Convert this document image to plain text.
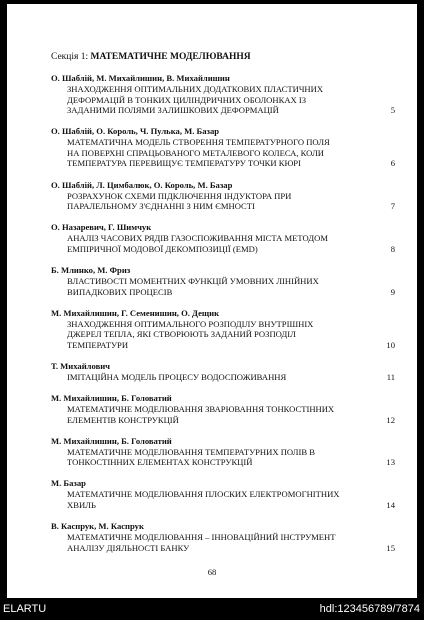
Секція 1: МАТЕМАТИЧНЕ МОДЕЛЮВАННЯ
О. Шаблій, М. Михайлишин, В. Михайлишин
ЗНАХОДЖЕННЯ ОПТИМАЛЬНИХ ДОДАТКОВИХ ПЛАСТИЧНИХ ДЕФОРМАЦІЙ В ТОНКИХ ЦИЛІНДРИЧНИХ ОБОЛОНКАХ ІЗ ЗАДАНИМИ ПОЛЯМИ ЗАЛИШКОВИХ ДЕФОРМАЦІЙ	5
О. Шаблій, О. Король, Ч. Пулька, М. Базар
МАТЕМАТИЧНА МОДЕЛЬ СТВОРЕННЯ ТЕМПЕРАТУРНОГО ПОЛЯ НА ПОВЕРХНІ СПРАЦЬОВАНОГО МЕТАЛЕВОГО КОЛЕСА, КОЛИ ТЕМПЕРАТУРА ПЕРЕВИЩУЄ ТЕМПЕРАТУРУ ТОЧКИ КЮРІ	6
О. Шаблій, Л. Цимбалюк, О. Король, М. Базар
РОЗРАХУНОК СХЕМИ ПІДКЛЮЧЕННЯ ІНДУКТОРА ПРИ ПАРАЛЕЛЬНОМУ З'ЄДНАННІ З НИМ ЄМНОСТІ	7
О. Назаревич, Г. Шимчук
АНАЛІЗ ЧАСОВИХ РЯДІВ ГАЗОСПОЖИВАННЯ МІСТА МЕТОДОМ ЕМПІРИЧНОЇ МОДОВОЇ ДЕКОМПОЗИЦІЇ (EMD)	8
Б. Млинко, М. Фриз
ВЛАСТИВОСТІ МОМЕНТНИХ ФУНКЦІЙ УМОВНИХ ЛІНІЙНИХ ВИПАДКОВИХ ПРОЦЕСІВ	9
М. Михайлишин, Г. Семенишин, О. Дещик
ЗНАХОДЖЕННЯ ОПТИМАЛЬНОГО РОЗПОДІЛУ ВНУТРІШНІХ ДЖЕРЕЛ ТЕПЛА, ЯКІ СТВОРЮЮТЬ ЗАДАНИЙ РОЗПОДІЛ ТЕМПЕРАТУРИ	10
Т. Михайлович
ІМІТАЦІЙНА МОДЕЛЬ ПРОЦЕСУ ВОДОСПОЖИВАННЯ	11
М. Михайлишин, Б. Головатий
МАТЕМАТИЧНЕ МОДЕЛЮВАННЯ ЗВАРЮВАННЯ ТОНКОСТІННИХ ЕЛЕМЕНТІВ КОНСТРУКЦІЙ	12
М. Михайлишин, Б. Головатий
МАТЕМАТИЧНЕ МОДЕЛЮВАННЯ ТЕМПЕРАТУРНИХ ПОЛІВ В ТОНКОСТІННИХ ЕЛЕМЕНТАХ КОНСТРУКЦІЙ	13
М. Базар
МАТЕМАТИЧНЕ МОДЕЛЮВАННЯ ПЛОСКИХ ЕЛЕКТРОМОГНІТНИХ ХВИЛЬ	14
В. Каспрук, М. Каспрук
МАТЕМАТИЧНЕ МОДЕЛЮВАННЯ – ІННОВАЦІЙНИЙ ІНСТРУМЕНТ АНАЛІЗУ ДІЯЛЬНОСТІ БАНКУ	15
68
ELARTU	hdl:123456789/7874
